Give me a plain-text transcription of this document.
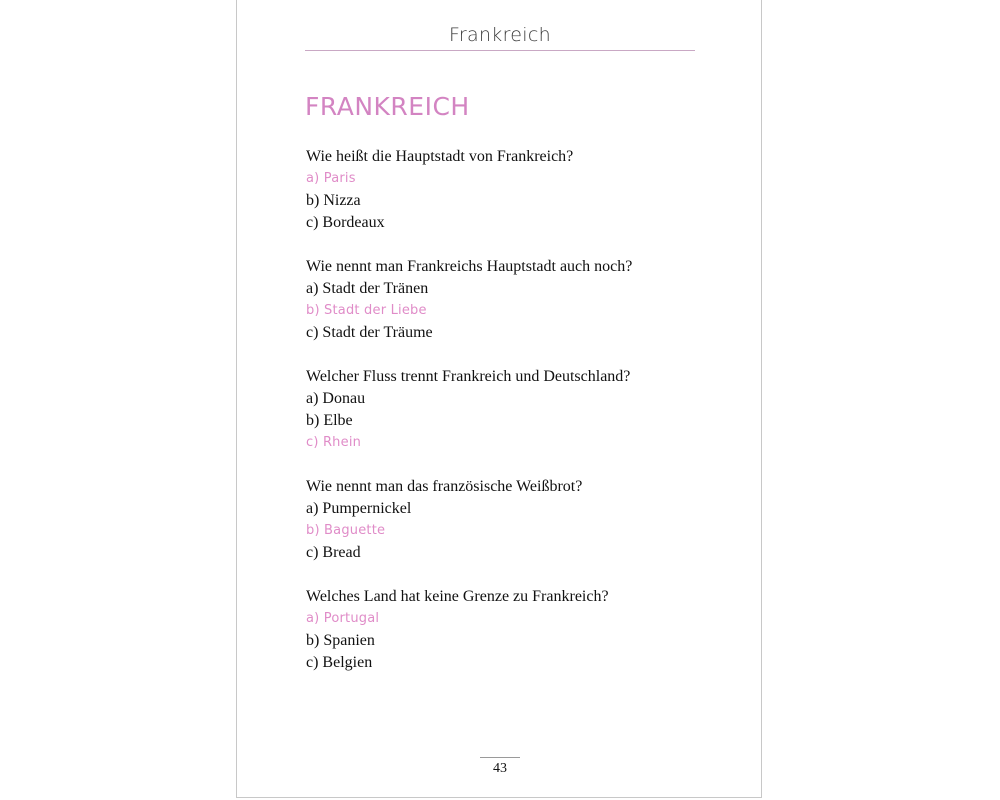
Frankreich
FRANKREICH
Wie heißt die Hauptstadt von Frankreich?
a) Paris
b) Nizza
c) Bordeaux
Wie nennt man Frankreichs Hauptstadt auch noch?
a) Stadt der Tränen
b) Stadt der Liebe
c) Stadt der Träume
Welcher Fluss trennt Frankreich und Deutschland?
a) Donau
b) Elbe
c) Rhein
Wie nennt man das französische Weißbrot?
a) Pumpernickel
b) Baguette
c) Bread
Welches Land hat keine Grenze zu Frankreich?
a) Portugal
b) Spanien
c) Belgien
43
